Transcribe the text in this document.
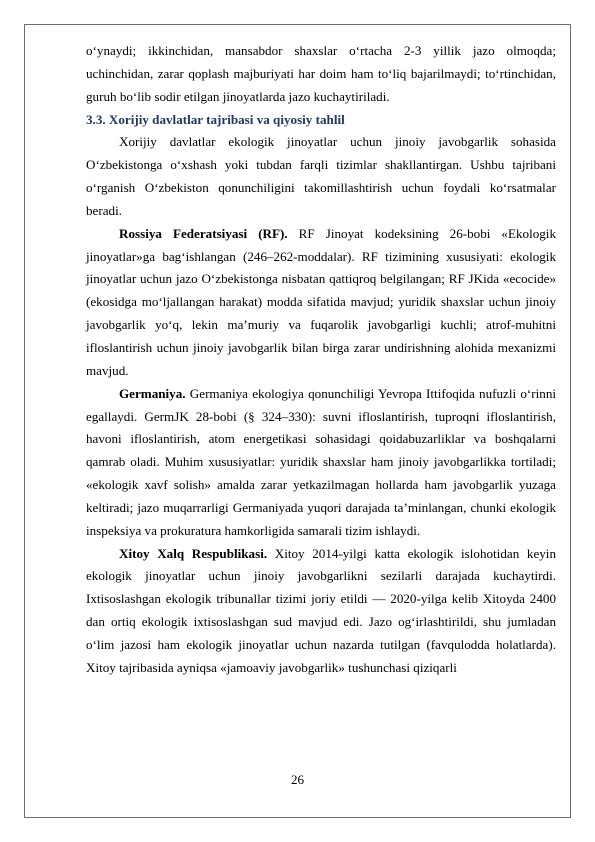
o‘ynaydi; ikkinchidan, mansabdor shaxslar o‘rtacha 2-3 yillik jazo olmoqda; uchinchidan, zarar qoplash majburiyati har doim ham to‘liq bajarilmaydi; to‘rtinchidan, guruh bo‘lib sodir etilgan jinoyatlarda jazo kuchaytiriladi.

3.3. Xorijiy davlatlar tajribasi va qiyosiy tahlil

Xorijiy davlatlar ekologik jinoyatlar uchun jinoiy javobgarlik sohasida O‘zbekistonga o‘xshash yoki tubdan farqli tizimlar shakllantirgan. Ushbu tajribani o‘rganish O‘zbekiston qonunchiligini takomillashtirish uchun foydali ko‘rsatmalar beradi.

Rossiya Federatsiyasi (RF). RF Jinoyat kodeksining 26-bobi «Ekologik jinoyatlar»ga bag‘ishlangan (246–262-moddalar). RF tizimining xususiyati: ekologik jinoyatlar uchun jazo O‘zbekistonga nisbatan qattiqroq belgilangan; RF JKida «ecocide» (ekosidga mo‘ljallangan harakat) modda sifatida mavjud; yuridik shaxslar uchun jinoiy javobgarlik yo‘q, lekin ma’muriy va fuqarolik javobgarligi kuchli; atrof-muhitni ifloslantirish uchun jinoiy javobgarlik bilan birga zarar undirishning alohida mexanizmi mavjud.

Germaniya. Germaniya ekologiya qonunchiligi Yevropa Ittifoqida nufuzli o‘rinni egallaydi. GermJK 28-bobi (§ 324–330): suvni ifloslantirish, tuproqni ifloslantirish, havoni ifloslantirish, atom energetikasi sohasidagi qoidabuzarliklar va boshqalarni qamrab oladi. Muhim xususiyatlar: yuridik shaxslar ham jinoiy javobgarlikka tortiladi; «ekologik xavf solish» amalda zarar yetkazilmagan hollarda ham javobgarlik yuzaga keltiradi; jazo muqarrarligi Germaniyada yuqori darajada ta’minlangan, chunki ekologik inspeksiya va prokuratura hamkorligida samarali tizim ishlaydi.

Xitoy Xalq Respublikasi. Xitoy 2014-yilgi katta ekologik islohotidan keyin ekologik jinoyatlar uchun jinoiy javobgarlikni sezilarli darajada kuchaytirdi. Ixtisoslashgan ekologik tribunallar tizimi joriy etildi — 2020-yilga kelib Xitoyda 2400 dan ortiq ekologik ixtisoslashgan sud mavjud edi. Jazo og‘irlashtirildi, shu jumladan o‘lim jazosi ham ekologik jinoyatlar uchun nazarda tutilgan (favqulodda holatlarda). Xitoy tajribasida ayniqsa «jamoaviy javobgarlik» tushunchasi qiziqarli

26
